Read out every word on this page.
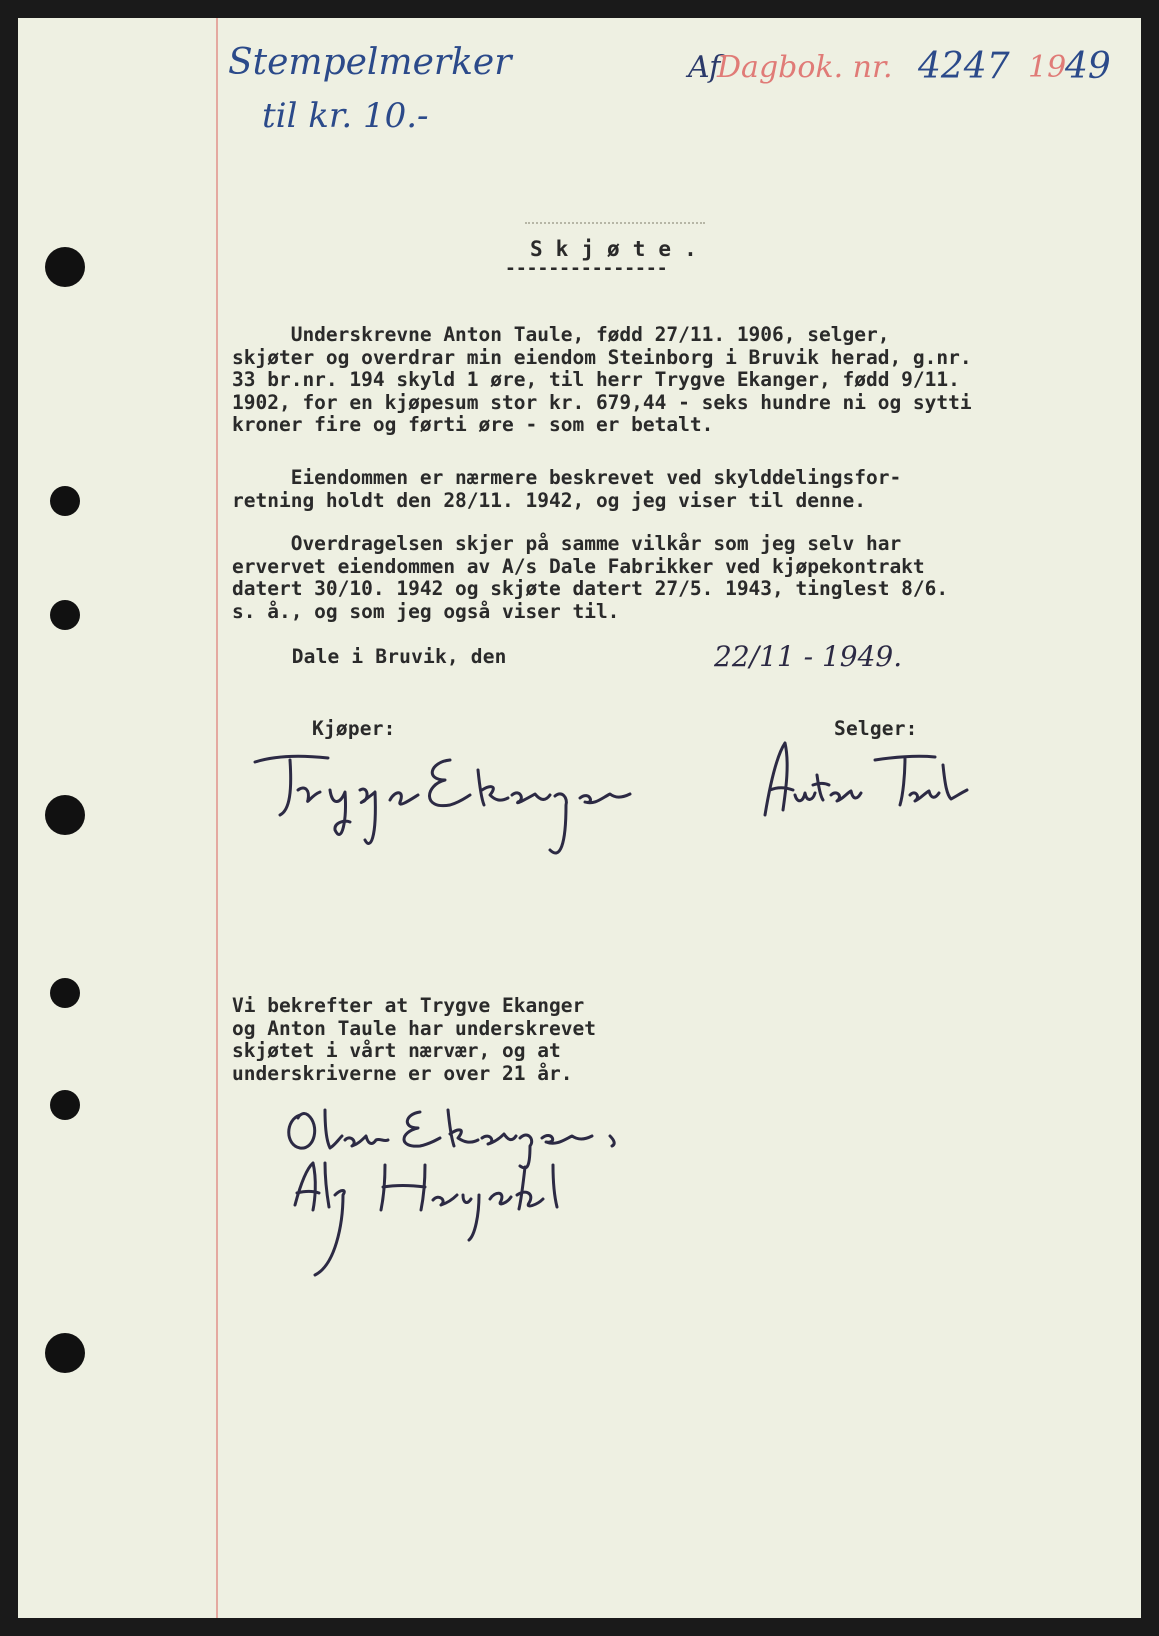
Stempelmerker
til kr. 10.-
Af
Dagbok. nr. 4247 19
49
S k j ø t e .
---------------
Underskrevne Anton Taule, fødd 27/11. 1906, selger,
skjøter og overdrar min eiendom Steinborg i Bruvik herad, g.nr.
33 br.nr. 194 skyld 1 øre, til herr Trygve Ekanger, fødd 9/11.
1902, for en kjøpesum stor kr. 679,44 - seks hundre ni og sytti
kroner fire og førti øre - som er betalt.
Eiendommen er nærmere beskrevet ved skylddelingsfor-
retning holdt den 28/11. 1942, og jeg viser til denne.
Overdragelsen skjer på samme vilkår som jeg selv har
ervervet eiendommen av A/s Dale Fabrikker ved kjøpekontrakt
datert 30/10. 1942 og skjøte datert 27/5. 1943, tinglest 8/6.
s. å., og som jeg også viser til.
Dale i Bruvik, den	22/11 - 1949.
Kjøper:	Selger:
Vi bekrefter at Trygve Ekanger
og Anton Taule har underskrevet
skjøtet i vårt nærvær, og at
underskriverne er over 21 år.
